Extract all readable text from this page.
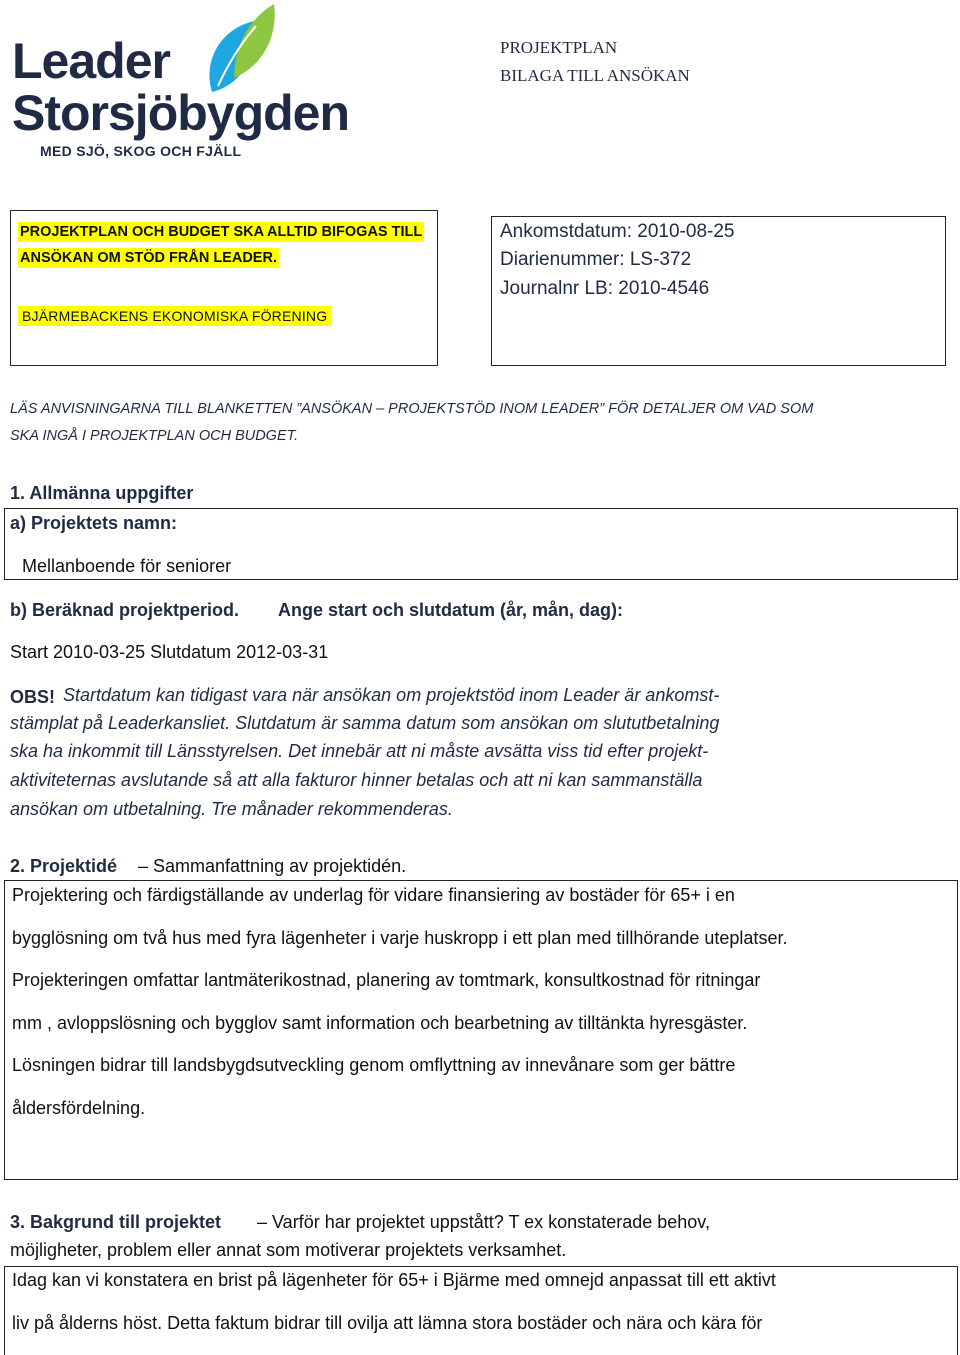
Leader
Storsjöbygden
MED SJÖ, SKOG OCH FJÄLL
PROJEKTPLAN
BILAGA TILL ANSÖKAN
PROJEKTPLAN OCH BUDGET SKA ALLTID BIFOGAS TILL
ANSÖKAN OM STÖD FRÅN LEADER.
BJÄRMEBACKENS EKONOMISKA FÖRENING
Ankomstdatum: 2010-08-25
Diarienummer: LS-372
Journalnr LB: 2010-4546
LÄS ANVISNINGARNA TILL BLANKETTEN ”ANSÖKAN – PROJEKTSTÖD INOM LEADER” FÖR DETALJER OM VAD SOM
SKA INGÅ I PROJEKTPLAN OCH BUDGET.
1. Allmänna uppgifter
a) Projektets namn:
Mellanboende för seniorer
b) Beräknad projektperiod. Ange start och slutdatum (år, mån, dag):
Start 2010-03-25 Slutdatum 2012-03-31
OBS! Startdatum kan tidigast vara när ansökan om projektstöd inom Leader är ankomst-
stämplat på Leaderkansliet. Slutdatum är samma datum som ansökan om slututbetalning
ska ha inkommit till Länsstyrelsen. Det innebär att ni måste avsätta viss tid efter projekt-
aktiviteternas avslutande så att alla fakturor hinner betalas och att ni kan sammanställa
ansökan om utbetalning. Tre månader rekommenderas.
2. Projektidé – Sammanfattning av projektidén.
Projektering och färdigställande av underlag för vidare finansiering av bostäder för 65+ i en
bygglösning om två hus med fyra lägenheter i varje huskropp i ett plan med tillhörande uteplatser.
Projekteringen omfattar lantmäterikostnad, planering av tomtmark, konsultkostnad för ritningar
mm , avloppslösning och bygglov samt information och bearbetning av tilltänkta hyresgäster.
Lösningen bidrar till landsbygdsutveckling genom omflyttning av innevånare som ger bättre
åldersfördelning.
3. Bakgrund till projektet – Varför har projektet uppstått? T ex konstaterade behov,
möjligheter, problem eller annat som motiverar projektets verksamhet.
Idag kan vi konstatera en brist på lägenheter för 65+ i Bjärme med omnejd anpassat till ett aktivt
liv på ålderns höst. Detta faktum bidrar till ovilja att lämna stora bostäder och nära och kära för
